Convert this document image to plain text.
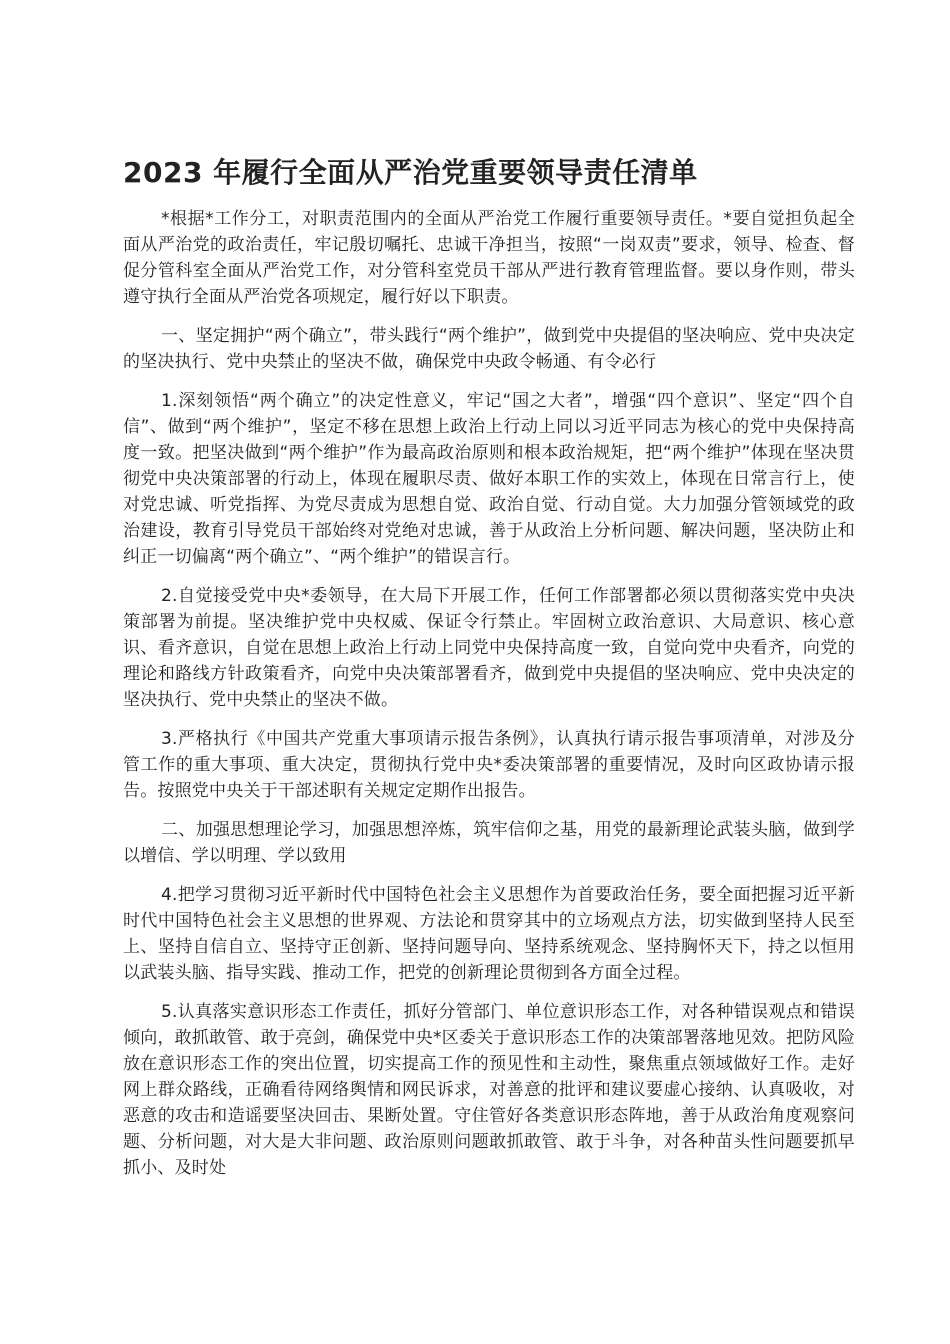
2023 年履行全面从严治党重要领导责任清单

*根据*工作分工，对职责范围内的全面从严治党工作履行重要领导责任。*要自觉担负起全面从严治党的政治责任，牢记殷切嘱托、忠诚干净担当，按照“一岗双责”要求，领导、检查、督促分管科室全面从严治党工作，对分管科室党员干部从严进行教育管理监督。要以身作则，带头遵守执行全面从严治党各项规定，履行好以下职责。

一、坚定拥护“两个确立”，带头践行“两个维护”，做到党中央提倡的坚决响应、党中央决定的坚决执行、党中央禁止的坚决不做，确保党中央政令畅通、有令必行

1.深刻领悟“两个确立”的决定性意义，牢记“国之大者”，增强“四个意识”、坚定“四个自信”、做到“两个维护”，坚定不移在思想上政治上行动上同以习近平同志为核心的党中央保持高度一致。把坚决做到“两个维护”作为最高政治原则和根本政治规矩，把“两个维护”体现在坚决贯彻党中央决策部署的行动上，体现在履职尽责、做好本职工作的实效上，体现在日常言行上，使对党忠诚、听党指挥、为党尽责成为思想自觉、政治自觉、行动自觉。大力加强分管领域党的政治建设，教育引导党员干部始终对党绝对忠诚，善于从政治上分析问题、解决问题，坚决防止和纠正一切偏离“两个确立”、“两个维护”的错误言行。

2.自觉接受党中央*委领导，在大局下开展工作，任何工作部署都必须以贯彻落实党中央决策部署为前提。坚决维护党中央权威、保证令行禁止。牢固树立政治意识、大局意识、核心意识、看齐意识，自觉在思想上政治上行动上同党中央保持高度一致，自觉向党中央看齐，向党的理论和路线方针政策看齐，向党中央决策部署看齐，做到党中央提倡的坚决响应、党中央决定的坚决执行、党中央禁止的坚决不做。

3.严格执行《中国共产党重大事项请示报告条例》，认真执行请示报告事项清单，对涉及分管工作的重大事项、重大决定，贯彻执行党中央*委决策部署的重要情况，及时向区政协请示报告。按照党中央关于干部述职有关规定定期作出报告。

二、加强思想理论学习，加强思想淬炼，筑牢信仰之基，用党的最新理论武装头脑，做到学以增信、学以明理、学以致用

4.把学习贯彻习近平新时代中国特色社会主义思想作为首要政治任务，要全面把握习近平新时代中国特色社会主义思想的世界观、方法论和贯穿其中的立场观点方法，切实做到坚持人民至上、坚持自信自立、坚持守正创新、坚持问题导向、坚持系统观念、坚持胸怀天下，持之以恒用以武装头脑、指导实践、推动工作，把党的创新理论贯彻到各方面全过程。

5.认真落实意识形态工作责任，抓好分管部门、单位意识形态工作，对各种错误观点和错误倾向，敢抓敢管、敢于亮剑，确保党中央*区委关于意识形态工作的决策部署落地见效。把防风险放在意识形态工作的突出位置，切实提高工作的预见性和主动性，聚焦重点领域做好工作。走好网上群众路线，正确看待网络舆情和网民诉求，对善意的批评和建议要虚心接纳、认真吸收，对恶意的攻击和造谣要坚决回击、果断处置。守住管好各类意识形态阵地，善于从政治角度观察问题、分析问题，对大是大非问题、政治原则问题敢抓敢管、敢于斗争，对各种苗头性问题要抓早抓小、及时处
